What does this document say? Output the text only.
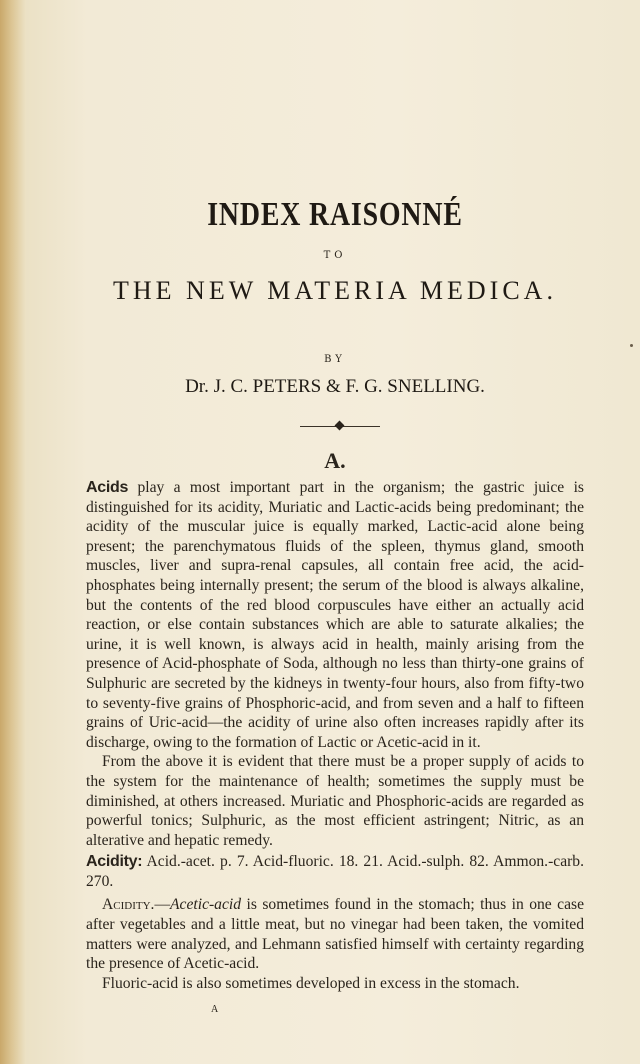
INDEX RAISONNÉ
TO
THE NEW MATERIA MEDICA.
BY
Dr. J. C. PETERS & F. G. SNELLING.
A.

Acids play a most important part in the organism; the gastric juice is distinguished for its acidity, Muriatic and Lactic-acids being predominant; the acidity of the muscular juice is equally marked, Lactic-acid alone being present; the parenchymatous fluids of the spleen, thymus gland, smooth muscles, liver and supra-renal capsules, all contain free acid, the acid-phosphates being internally present; the serum of the blood is always alkaline, but the contents of the red blood corpuscules have either an actually acid reaction, or else contain substances which are able to saturate alkalies; the urine, it is well known, is always acid in health, mainly arising from the presence of Acid-phosphate of Soda, although no less than thirty-one grains of Sulphuric are secreted by the kidneys in twenty-four hours, also from fifty-two to seventy-five grains of Phosphoric-acid, and from seven and a half to fifteen grains of Uric-acid—the acidity of urine also often increases rapidly after its discharge, owing to the formation of Lactic or Acetic-acid in it.

From the above it is evident that there must be a proper supply of acids to the system for the maintenance of health; sometimes the supply must be diminished, at others increased. Muriatic and Phosphoric-acids are regarded as powerful tonics; Sulphuric, as the most efficient astringent; Nitric, as an alterative and hepatic remedy.

Acidity: Acid.-acet. p. 7. Acid-fluoric. 18. 21. Acid.-sulph. 82. Ammon.-carb. 270.

Acidity.—Acetic-acid is sometimes found in the stomach; thus in one case after vegetables and a little meat, but no vinegar had been taken, the vomited matters were analyzed, and Lehmann satisfied himself with certainty regarding the presence of Acetic-acid.

Fluoric-acid is also sometimes developed in excess in the stomach.

A
